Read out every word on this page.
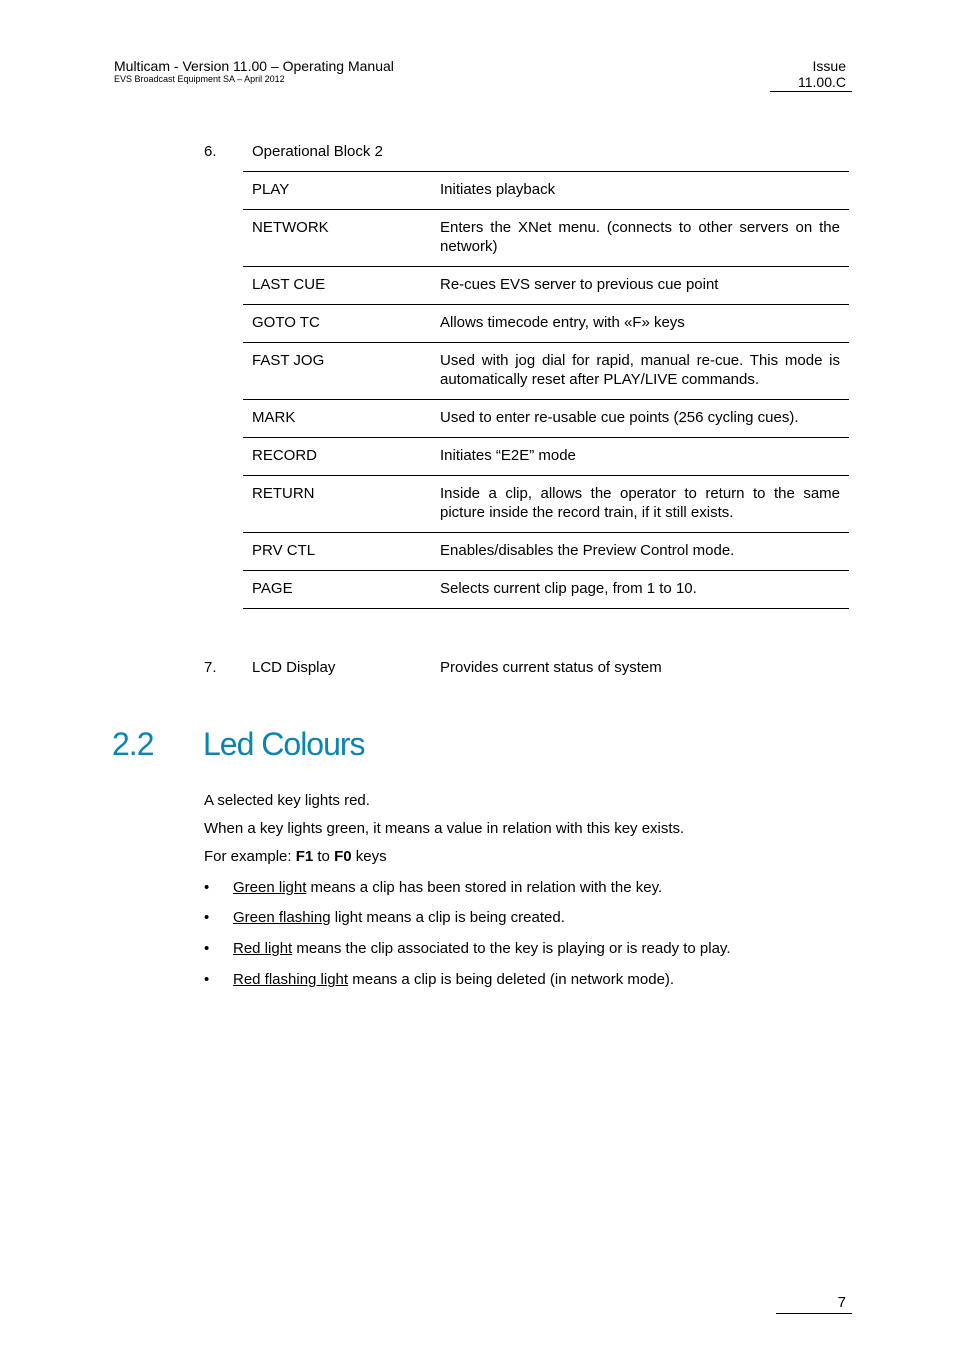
Multicam - Version 11.00 – Operating Manual
EVS Broadcast Equipment SA – April 2012
Issue
11.00.C
6. Operational Block 2
PLAY	Initiates playback
NETWORK	Enters the XNet menu. (connects to other servers on the network)
LAST CUE	Re-cues EVS server to previous cue point
GOTO TC	Allows timecode entry, with «F» keys
FAST JOG	Used with jog dial for rapid, manual re-cue. This mode is automatically reset after PLAY/LIVE commands.
MARK	Used to enter re-usable cue points (256 cycling cues).
RECORD	Initiates “E2E” mode
RETURN	Inside a clip, allows the operator to return to the same picture inside the record train, if it still exists.
PRV CTL	Enables/disables the Preview Control mode.
PAGE	Selects current clip page, from 1 to 10.
7. LCD Display	Provides current status of system
2.2 Led Colours
A selected key lights red.
When a key lights green, it means a value in relation with this key exists.
For example: F1 to F0 keys
• Green light means a clip has been stored in relation with the key.
• Green flashing light means a clip is being created.
• Red light means the clip associated to the key is playing or is ready to play.
• Red flashing light means a clip is being deleted (in network mode).
7
